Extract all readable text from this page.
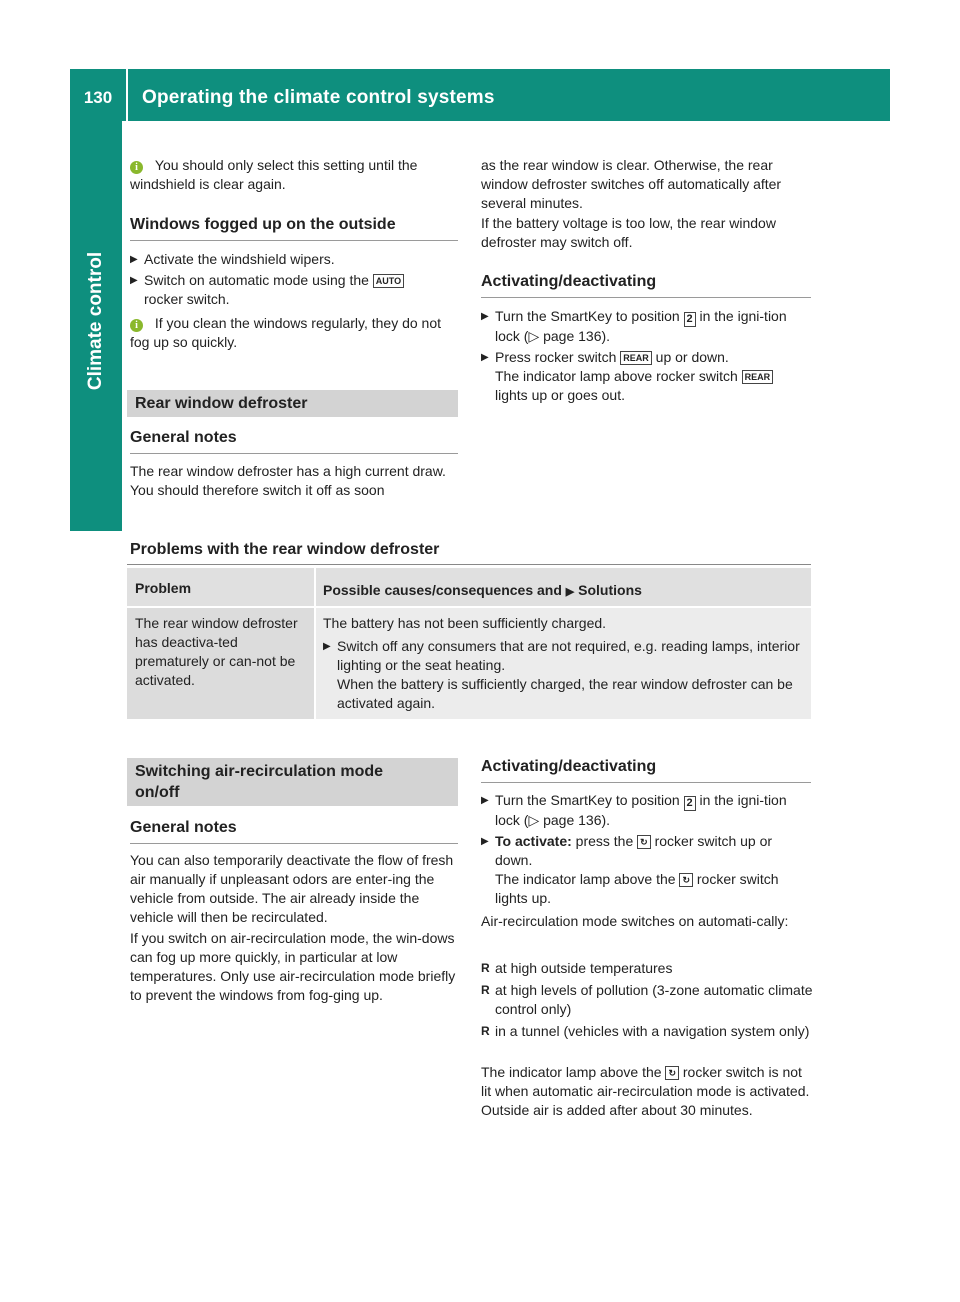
130	Operating the climate control systems
Climate control
i You should only select this setting until the windshield is clear again.
Windows fogged up on the outside
▶ Activate the windshield wipers.
▶ Switch on automatic mode using the AUTO
rocker switch.
i If you clean the windows regularly, they do not fog up so quickly.
Rear window defroster
General notes
The rear window defroster has a high current draw. You should therefore switch it off as soon
as the rear window is clear. Otherwise, the rear window defroster switches off automatically after several minutes.
If the battery voltage is too low, the rear window defroster may switch off.
Activating/deactivating
▶ Turn the SmartKey to position 2 in the igni-tion lock (▷ page 136).
▶ Press rocker switch REAR up or down.
The indicator lamp above rocker switch REAR
lights up or goes out.
Problems with the rear window defroster
Problem	Possible causes/consequences and ▶ Solutions
The rear window defroster has deactiva-ted prematurely or can-not be activated.
The battery has not been sufficiently charged.
▶ Switch off any consumers that are not required, e.g. reading lamps, interior lighting or the seat heating.
When the battery is sufficiently charged, the rear window defroster can be activated again.
Switching air-recirculation mode
on/off
General notes
You can also temporarily deactivate the flow of fresh air manually if unpleasant odors are enter-ing the vehicle from outside. The air already inside the vehicle will then be recirculated.
If you switch on air-recirculation mode, the win-dows can fog up more quickly, in particular at low temperatures. Only use air-recirculation mode briefly to prevent the windows from fog-ging up.
Activating/deactivating
▶ Turn the SmartKey to position 2 in the igni-tion lock (▷ page 136).
▶ To activate: press the ↻ rocker switch up or down.
The indicator lamp above the ↻ rocker switch lights up.
Air-recirculation mode switches on automati-cally:
R at high outside temperatures
R at high levels of pollution (3-zone automatic climate control only)
R in a tunnel (vehicles with a navigation system only)
The indicator lamp above the ↻ rocker switch is not lit when automatic air-recirculation mode is activated. Outside air is added after about 30 minutes.
